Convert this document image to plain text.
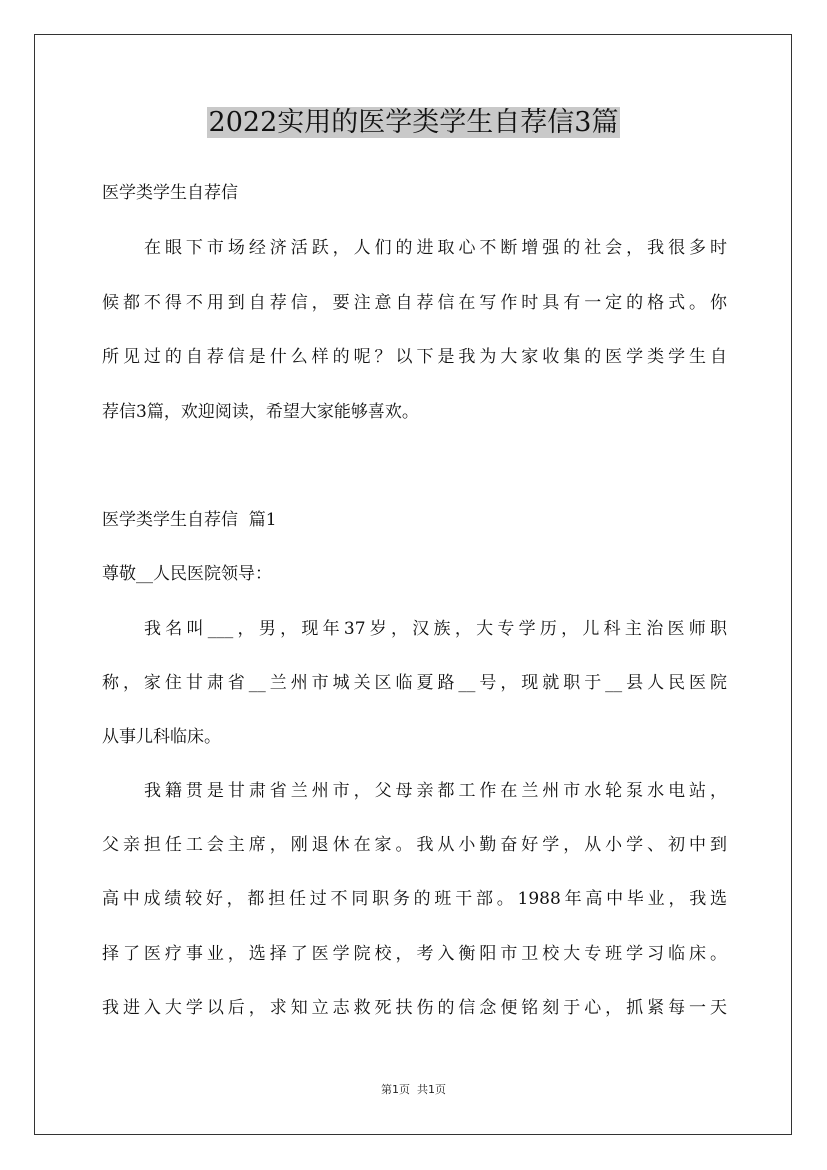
2022实用的医学类学生自荐信3篇

医学类学生自荐信

在眼下市场经济活跃，人们的进取心不断增强的社会，我很多时

候都不得不用到自荐信，要注意自荐信在写作时具有一定的格式。你

所见过的自荐信是什么样的呢？以下是我为大家收集的医学类学生自

荐信3篇，欢迎阅读，希望大家能够喜欢。

医学类学生自荐信  篇1

尊敬__人民医院领导：

我名叫___，男，现年37岁，汉族，大专学历，儿科主治医师职

称，家住甘肃省__兰州市城关区临夏路__号，现就职于__县人民医院

从事儿科临床。

我籍贯是甘肃省兰州市，父母亲都工作在兰州市水轮泵水电站，

父亲担任工会主席，刚退休在家。我从小勤奋好学，从小学、初中到

高中成绩较好，都担任过不同职务的班干部。1988年高中毕业，我选

择了医疗事业，选择了医学院校，考入衡阳市卫校大专班学习临床。

我进入大学以后，求知立志救死扶伤的信念便铭刻于心，抓紧每一天

第1页  共1页
